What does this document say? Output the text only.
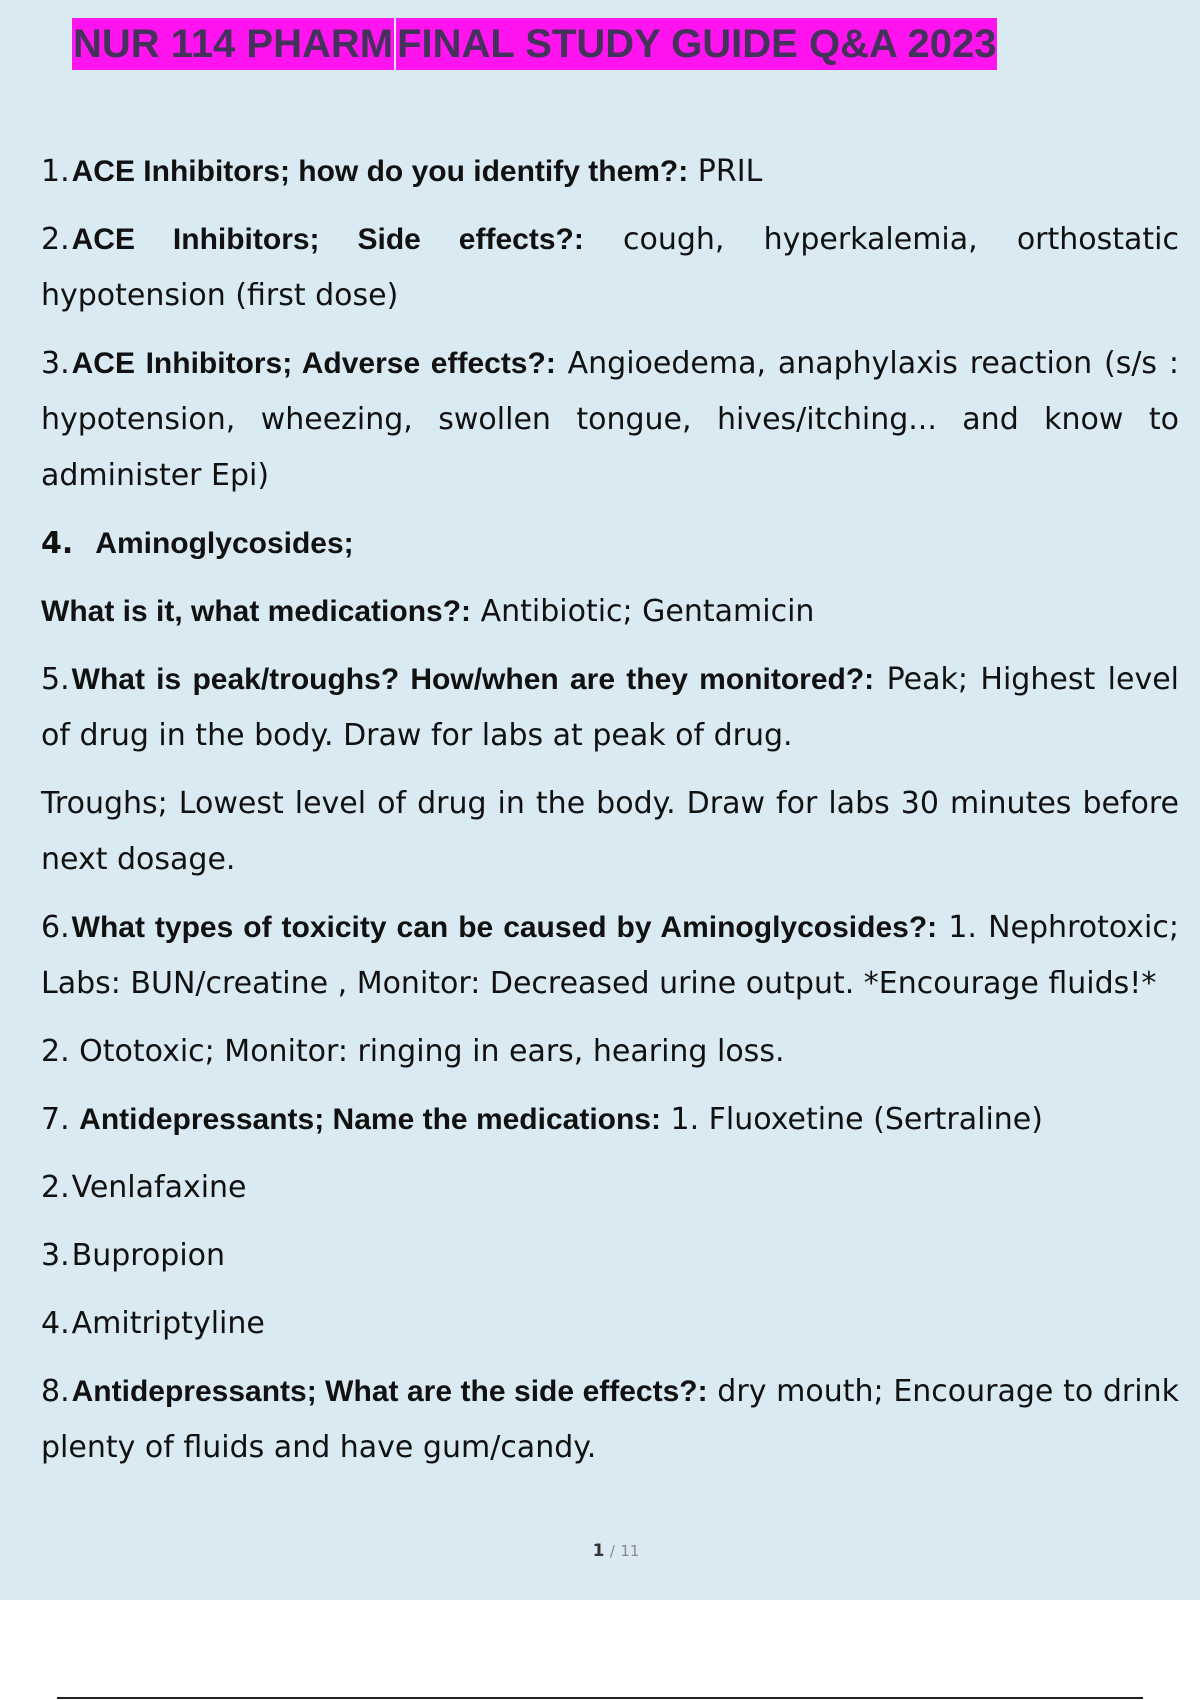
NUR 114 PHARM FINAL STUDY GUIDE Q&A 2023

1.ACE Inhibitors; how do you identify them?: PRIL

2.ACE Inhibitors; Side effects?: cough, hyperkalemia, orthostatic hypotension (first dose)

3.ACE Inhibitors; Adverse effects?: Angioedema, anaphylaxis reaction (s/s : hypotension, wheezing, swollen tongue, hives/itching... and know to administer Epi)

4. Aminoglycosides;

What is it, what medications?: Antibiotic; Gentamicin

5.What is peak/troughs? How/when are they monitored?: Peak; Highest level of drug in the body. Draw for labs at peak of drug.

Troughs; Lowest level of drug in the body. Draw for labs 30 minutes before next dosage.

6.What types of toxicity can be caused by Aminoglycosides?: 1. Nephrotoxic; Labs: BUN/creatine , Monitor: Decreased urine output. *Encourage fluids!*

2. Ototoxic; Monitor: ringing in ears, hearing loss.

7. Antidepressants; Name the medications: 1. Fluoxetine (Sertraline)

2.Venlafaxine

3.Bupropion

4.Amitriptyline

8.Antidepressants; What are the side effects?: dry mouth; Encourage to drink plenty of fluids and have gum/candy.

1 / 11
